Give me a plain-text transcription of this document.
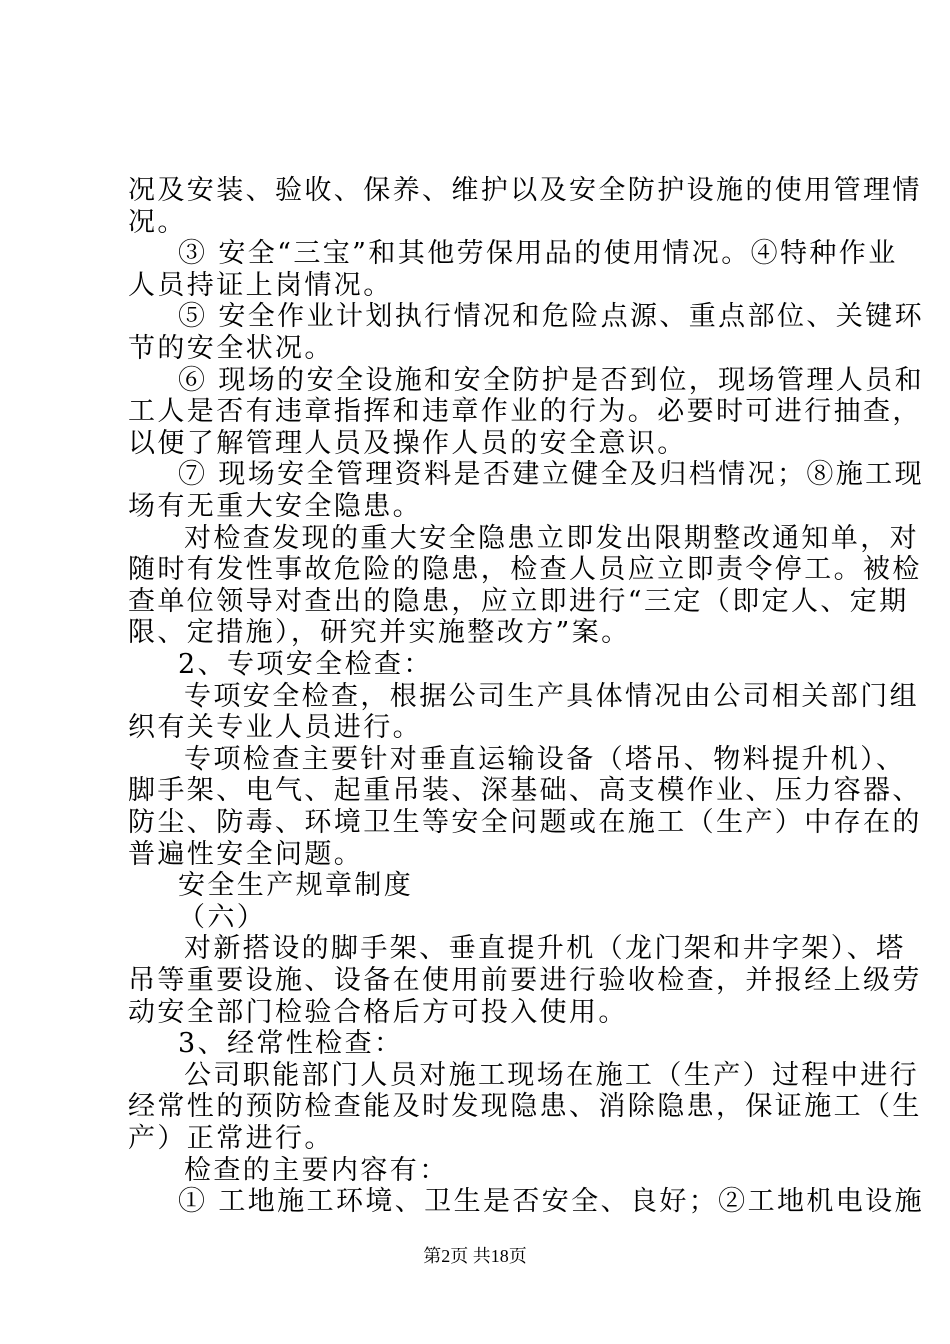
况及安装、验收、保养、维护以及安全防护设施的使用管理情
况。
③ 安全“三宝”和其他劳保用品的使用情况。④特种作业
人员持证上岗情况。
⑤ 安全作业计划执行情况和危险点源、重点部位、关键环
节的安全状况。
⑥ 现场的安全设施和安全防护是否到位，现场管理人员和
工人是否有违章指挥和违章作业的行为。必要时可进行抽查，
以便了解管理人员及操作人员的安全意识。
⑦ 现场安全管理资料是否建立健全及归档情况；⑧施工现
场有无重大安全隐患。
对检查发现的重大安全隐患立即发出限期整改通知单，对
随时有发性事故危险的隐患，检查人员应立即责令停工。被检
查单位领导对查出的隐患，应立即进行“三定（即定人、定期
限、定措施），研究并实施整改方”案。
2、专项安全检查：
专项安全检查，根据公司生产具体情况由公司相关部门组
织有关专业人员进行。
专项检查主要针对垂直运输设备（塔吊、物料提升机）、
脚手架、电气、起重吊装、深基础、高支模作业、压力容器、
防尘、防毒、环境卫生等安全问题或在施工（生产）中存在的
普遍性安全问题。
安全生产规章制度
（六）
对新搭设的脚手架、垂直提升机（龙门架和井字架）、塔
吊等重要设施、设备在使用前要进行验收检查，并报经上级劳
动安全部门检验合格后方可投入使用。
3、经常性检查：
公司职能部门人员对施工现场在施工（生产）过程中进行
经常性的预防检查能及时发现隐患、消除隐患，保证施工（生
产）正常进行。
检查的主要内容有：
① 工地施工环境、卫生是否安全、良好；②工地机电设施
第2页 共18页
